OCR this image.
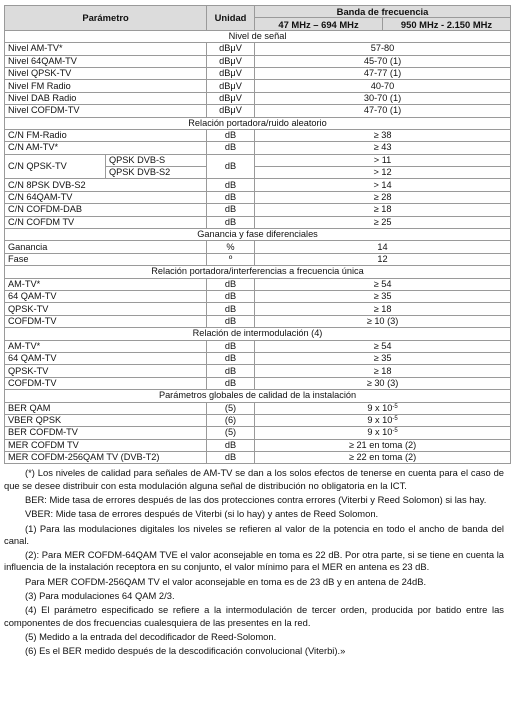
Parámetro		Unidad	Banda de frecuencia	
			47 MHz – 694 MHz	950 MHz - 2.150 MHz
Nivel de señal				
Nivel AM-TV*		dBμV	57-80	
Nivel 64QAM-TV		dBμV	45-70 (1)	
Nivel QPSK-TV		dBμV	47-77 (1)	
Nivel FM Radio		dBμV	40-70	
Nivel DAB Radio		dBμV	30-70 (1)	
Nivel COFDM-TV		dBμV	47-70 (1)	
Relación portadora/ruido aleatorio				
C/N FM-Radio		dB	≥ 38	
C/N AM-TV*		dB	≥ 43	
C/N QPSK-TV	QPSK DVB-S	dB	> 11	
	QPSK DVB-S2		> 12	
C/N 8PSK DVB-S2		dB	> 14	
C/N 64QAM-TV		dB	≥ 28	
C/N COFDM-DAB		dB	≥ 18	
C/N COFDM TV		dB	≥ 25	
Ganancia y fase diferenciales				
Ganancia		%	14	
Fase		º	12	
Relación portadora/interferencias a frecuencia única				
AM-TV*		dB	≥ 54	
64 QAM-TV		dB	≥ 35	
QPSK-TV		dB	≥ 18	
COFDM-TV		dB	≥ 10 (3)	
Relación de intermodulación (4)				
AM-TV*		dB	≥ 54	
64 QAM-TV		dB	≥ 35	
QPSK-TV		dB	≥ 18	
COFDM-TV		dB	≥ 30 (3)	
Parámetros globales de calidad de la instalación				
BER QAM		(5)	9 x $10^{-5}$
VBER QPSK		(6)	9 x $10^{-5}$
BER COFDM-TV		(5)	9 x $10^{-5}$
MER COFDM TV		dB	≥ 21 en toma (2)	
MER COFDM-256QAM TV (DVB-T2)		dB	≥ 22 en toma (2)	

(*) Los niveles de calidad para señales de AM-TV se dan a los solos efectos de tenerse en cuenta para el caso de que se desee distribuir con esta modulación alguna señal de distribución no obligatoria en la ICT.

BER: Mide tasa de errores después de las dos protecciones contra errores (Viterbi y Reed Solomon) si las hay.

VBER: Mide tasa de errores después de Viterbi (si lo hay) y antes de Reed Solomon.

(1) Para las modulaciones digitales los niveles se refieren al valor de la potencia en todo el ancho de banda del canal.

(2): Para MER COFDM-64QAM TVE el valor aconsejable en toma es 22 dB. Por otra parte, si se tiene en cuenta la influencia de la instalación receptora en su conjunto, el valor mínimo para el MER en antena es 23 dB.

Para MER COFDM-256QAM TV el valor aconsejable en toma es de 23 dB y en antena de 24dB.

(3) Para modulaciones 64 QAM 2/3.

(4) El parámetro especificado se refiere a la intermodulación de tercer orden, producida por batido entre las componentes de dos frecuencias cualesquiera de las presentes en la red.

(5) Medido a la entrada del decodificador de Reed-Solomon.

(6) Es el BER medido después de la descodificación convolucional (Viterbi).»
